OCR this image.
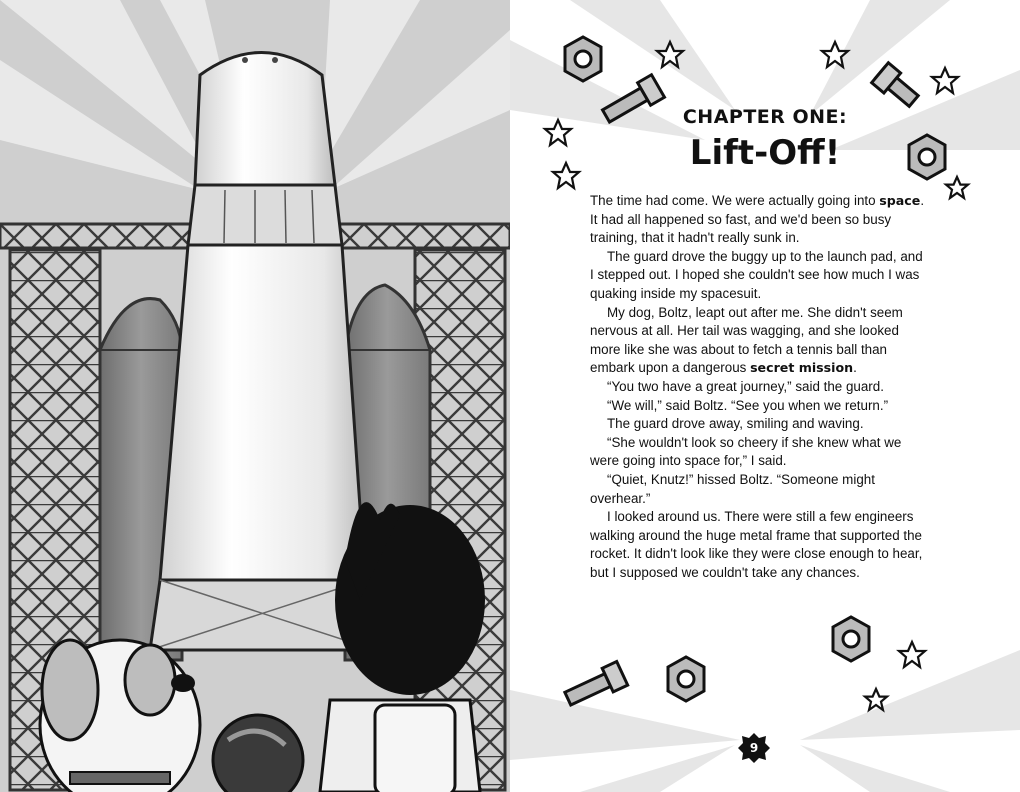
CHAPTER ONE:
Lift-Off!

The time had come. We were actually going into space. It had all happened so fast, and we'd been so busy training, that it hadn't really sunk in.

The guard drove the buggy up to the launch pad, and I stepped out. I hoped she couldn't see how much I was quaking inside my spacesuit.

My dog, Boltz, leapt out after me. She didn't seem nervous at all. Her tail was wagging, and she looked more like she was about to fetch a tennis ball than embark upon a dangerous secret mission.

“You two have a great journey,” said the guard.

“We will,” said Boltz. “See you when we return.”

The guard drove away, smiling and waving.

“She wouldn't look so cheery if she knew what we were going into space for,” I said.

“Quiet, Knutz!” hissed Boltz. “Someone might overhear.”

I looked around us. There were still a few engineers walking around the huge metal frame that supported the rocket. It didn't look like they were close enough to hear, but I supposed we couldn't take any chances.

9
